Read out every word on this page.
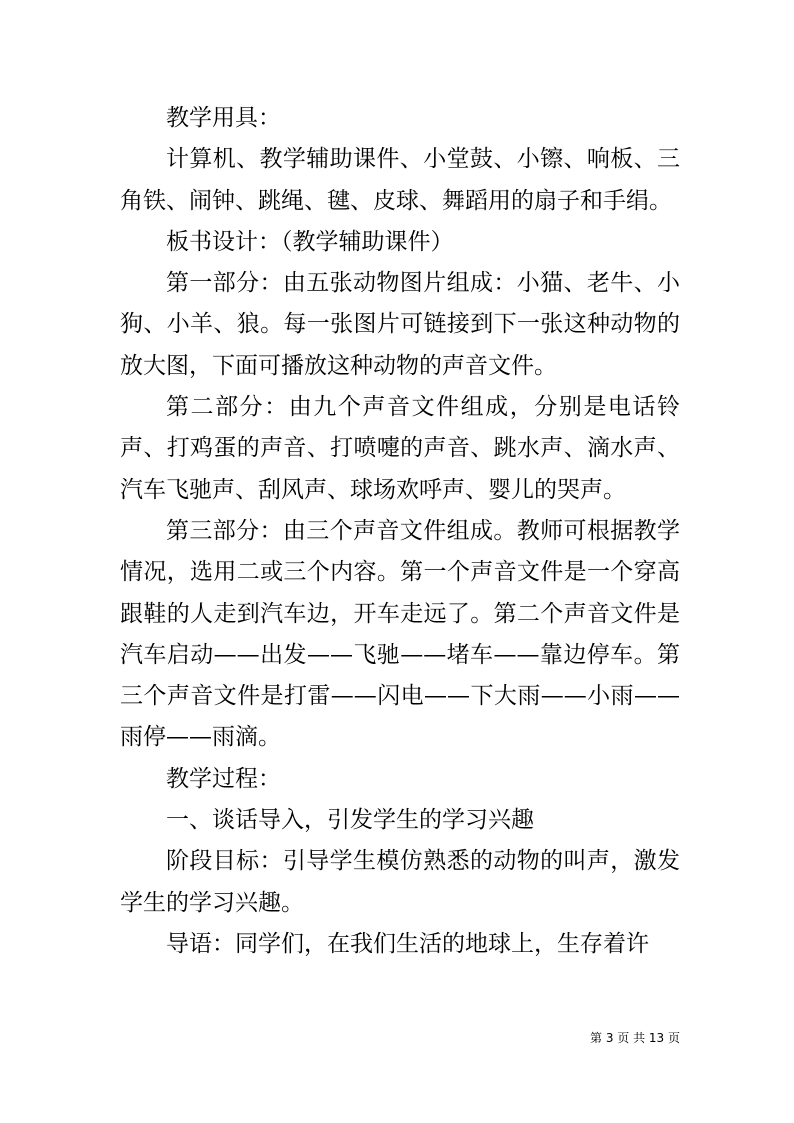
教学用具：

计算机、教学辅助课件、小堂鼓、小镲、响板、三角铁、闹钟、跳绳、毽、皮球、舞蹈用的扇子和手绢。

板书设计：（教学辅助课件）

第一部分：由五张动物图片组成：小猫、老牛、小狗、小羊、狼。每一张图片可链接到下一张这种动物的放大图，下面可播放这种动物的声音文件。

第二部分：由九个声音文件组成，分别是电话铃声、打鸡蛋的声音、打喷嚏的声音、跳水声、滴水声、汽车飞驰声、刮风声、球场欢呼声、婴儿的哭声。

第三部分：由三个声音文件组成。教师可根据教学情况，选用二或三个内容。第一个声音文件是一个穿高跟鞋的人走到汽车边，开车走远了。第二个声音文件是汽车启动——出发——飞驰——堵车——靠边停车。第三个声音文件是打雷——闪电——下大雨——小雨——雨停——雨滴。

教学过程：

一、谈话导入，引发学生的学习兴趣

阶段目标：引导学生模仿熟悉的动物的叫声，激发学生的学习兴趣。

导语：同学们，在我们生活的地球上，生存着许

第 3 页 共 13 页
